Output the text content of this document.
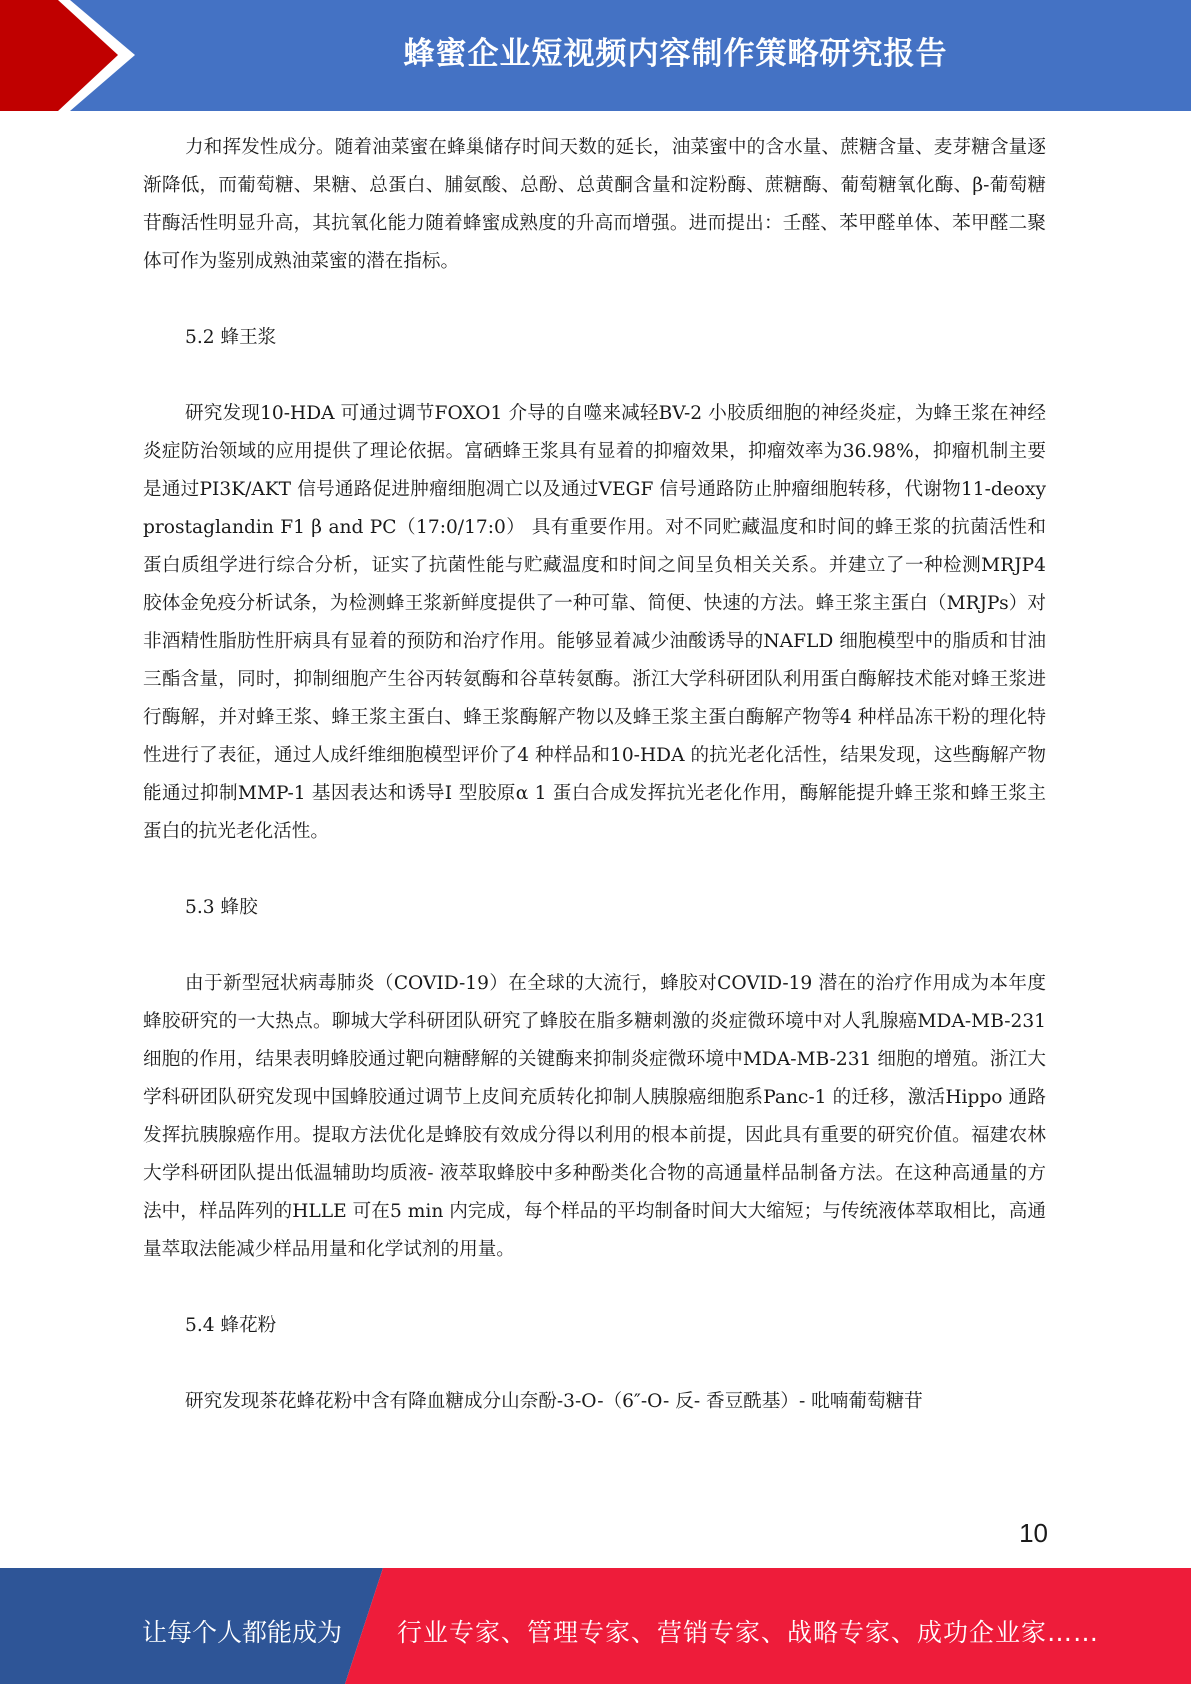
蜂蜜企业短视频内容制作策略研究报告

力和挥发性成分。随着油菜蜜在蜂巢储存时间天数的延长，油菜蜜中的含水量、蔗糖含量、麦芽糖含量逐渐降低，而葡萄糖、果糖、总蛋白、脯氨酸、总酚、总黄酮含量和淀粉酶、蔗糖酶、葡萄糖氧化酶、β-葡萄糖苷酶活性明显升高，其抗氧化能力随着蜂蜜成熟度的升高而增强。进而提出：壬醛、苯甲醛单体、苯甲醛二聚体可作为鉴别成熟油菜蜜的潜在指标。

5.2 蜂王浆

研究发现10-HDA 可通过调节FOXO1 介导的自噬来减轻BV-2 小胶质细胞的神经炎症，为蜂王浆在神经炎症防治领域的应用提供了理论依据。富硒蜂王浆具有显着的抑瘤效果，抑瘤效率为36.98%，抑瘤机制主要是通过PI3K/AKT 信号通路促进肿瘤细胞凋亡以及通过VEGF 信号通路防止肿瘤细胞转移，代谢物11-deoxy prostaglandin F1 β and PC（17:0/17:0） 具有重要作用。对不同贮藏温度和时间的蜂王浆的抗菌活性和蛋白质组学进行综合分析，证实了抗菌性能与贮藏温度和时间之间呈负相关关系。并建立了一种检测MRJP4 胶体金免疫分析试条，为检测蜂王浆新鲜度提供了一种可靠、简便、快速的方法。蜂王浆主蛋白（MRJPs）对非酒精性脂肪性肝病具有显着的预防和治疗作用。能够显着减少油酸诱导的NAFLD 细胞模型中的脂质和甘油三酯含量，同时，抑制细胞产生谷丙转氨酶和谷草转氨酶。浙江大学科研团队利用蛋白酶解技术能对蜂王浆进行酶解，并对蜂王浆、蜂王浆主蛋白、蜂王浆酶解产物以及蜂王浆主蛋白酶解产物等4 种样品冻干粉的理化特性进行了表征，通过人成纤维细胞模型评价了4 种样品和10-HDA 的抗光老化活性，结果发现，这些酶解产物能通过抑制MMP-1 基因表达和诱导Ⅰ 型胶原α 1 蛋白合成发挥抗光老化作用，酶解能提升蜂王浆和蜂王浆主蛋白的抗光老化活性。

5.3 蜂胶

由于新型冠状病毒肺炎（COVID-19）在全球的大流行，蜂胶对COVID-19 潜在的治疗作用成为本年度蜂胶研究的一大热点。聊城大学科研团队研究了蜂胶在脂多糖刺激的炎症微环境中对人乳腺癌MDA-MB-231 细胞的作用，结果表明蜂胶通过靶向糖酵解的关键酶来抑制炎症微环境中MDA-MB-231 细胞的增殖。浙江大学科研团队研究发现中国蜂胶通过调节上皮间充质转化抑制人胰腺癌细胞系Panc-1 的迁移，激活Hippo 通路发挥抗胰腺癌作用。提取方法优化是蜂胶有效成分得以利用的根本前提，因此具有重要的研究价值。福建农林大学科研团队提出低温辅助均质液- 液萃取蜂胶中多种酚类化合物的高通量样品制备方法。在这种高通量的方法中，样品阵列的HLLE 可在5 min 内完成，每个样品的平均制备时间大大缩短；与传统液体萃取相比，高通量萃取法能减少样品用量和化学试剂的用量。

5.4 蜂花粉

研究发现茶花蜂花粉中含有降血糖成分山奈酚-3-O-（6″-O- 反- 香豆酰基）- 吡喃葡萄糖苷

10
让每个人都能成为 行业专家、管理专家、营销专家、战略专家、成功企业家……
